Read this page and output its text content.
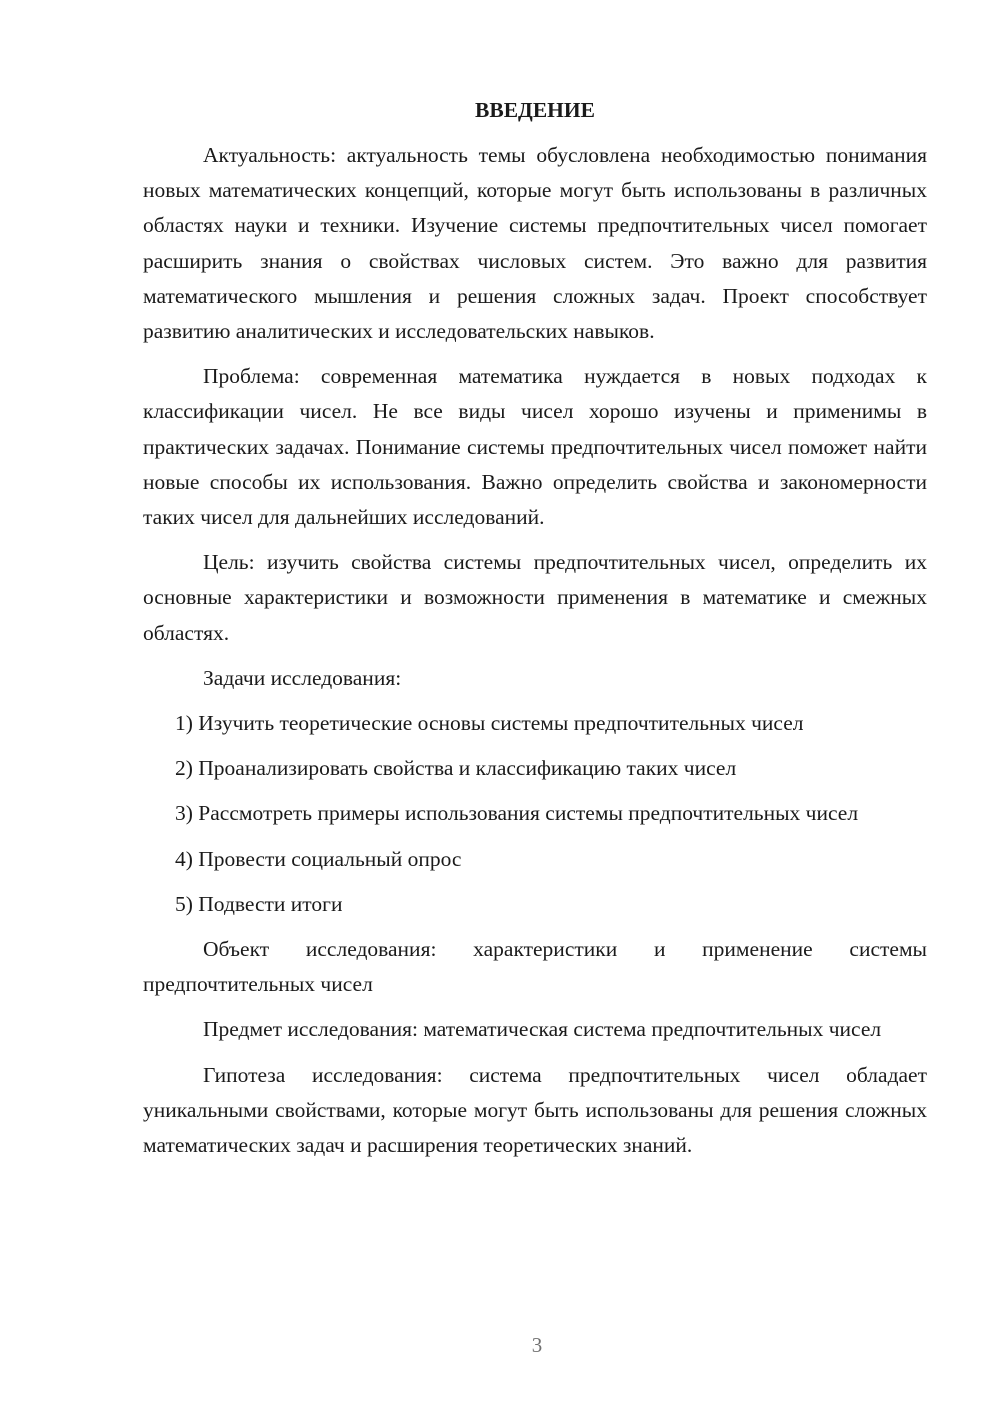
ВВЕДЕНИЕ

Актуальность: актуальность темы обусловлена необходимостью понимания новых математических концепций, которые могут быть использованы в различных областях науки и техники. Изучение системы предпочтительных чисел помогает расширить знания о свойствах числовых систем. Это важно для развития математического мышления и решения сложных задач. Проект способствует развитию аналитических и исследовательских навыков.

Проблема: современная математика нуждается в новых подходах к классификации чисел. Не все виды чисел хорошо изучены и применимы в практических задачах. Понимание системы предпочтительных чисел поможет найти новые способы их использования. Важно определить свойства и закономерности таких чисел для дальнейших исследований.

Цель: изучить свойства системы предпочтительных чисел, определить их основные характеристики и возможности применения в математике и смежных областях.

Задачи исследования:

1) Изучить теоретические основы системы предпочтительных чисел

2) Проанализировать свойства и классификацию таких чисел

3) Рассмотреть примеры использования системы предпочтительных чисел

4) Провести социальный опрос

5) Подвести итоги

Объект исследования: характеристики и применение системы предпочтительных чисел

Предмет исследования: математическая система предпочтительных чисел

Гипотеза исследования: система предпочтительных чисел обладает уникальными свойствами, которые могут быть использованы для решения сложных математических задач и расширения теоретических знаний.

3
